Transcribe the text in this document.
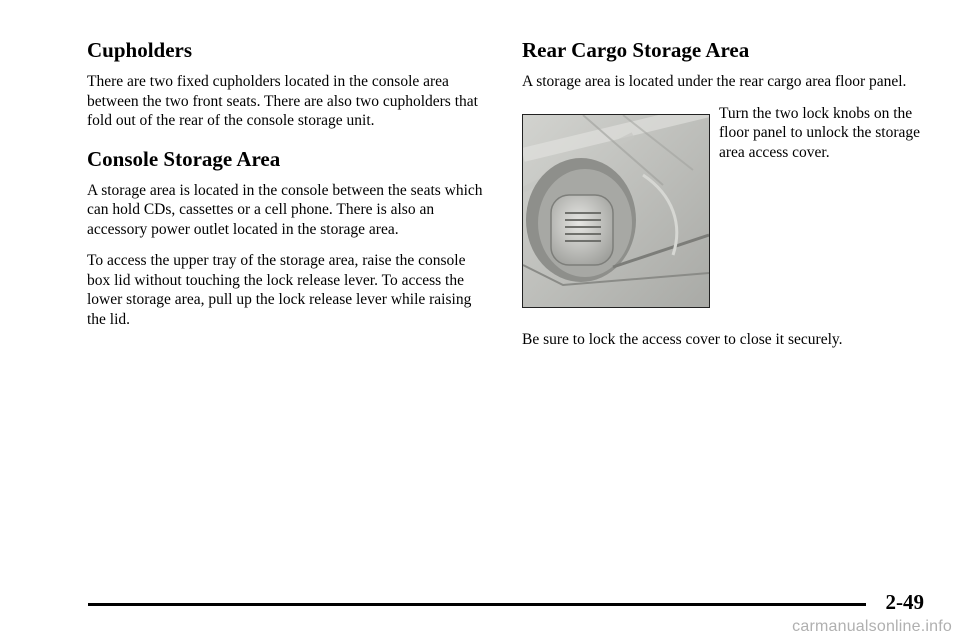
Cupholders

There are two fixed cupholders located in the console area between the two front seats. There are also two cupholders that fold out of the rear of the console storage unit.

Console Storage Area

A storage area is located in the console between the seats which can hold CDs, cassettes or a cell phone. There is also an accessory power outlet located in the storage area.

To access the upper tray of the storage area, raise the console box lid without touching the lock release lever. To access the lower storage area, pull up the lock release lever while raising the lid.

Rear Cargo Storage Area

A storage area is located under the rear cargo area floor panel.

Turn the two lock knobs on the floor panel to unlock the storage area access cover.

Be sure to lock the access cover to close it securely.

2-49
carmanualsonline.info
